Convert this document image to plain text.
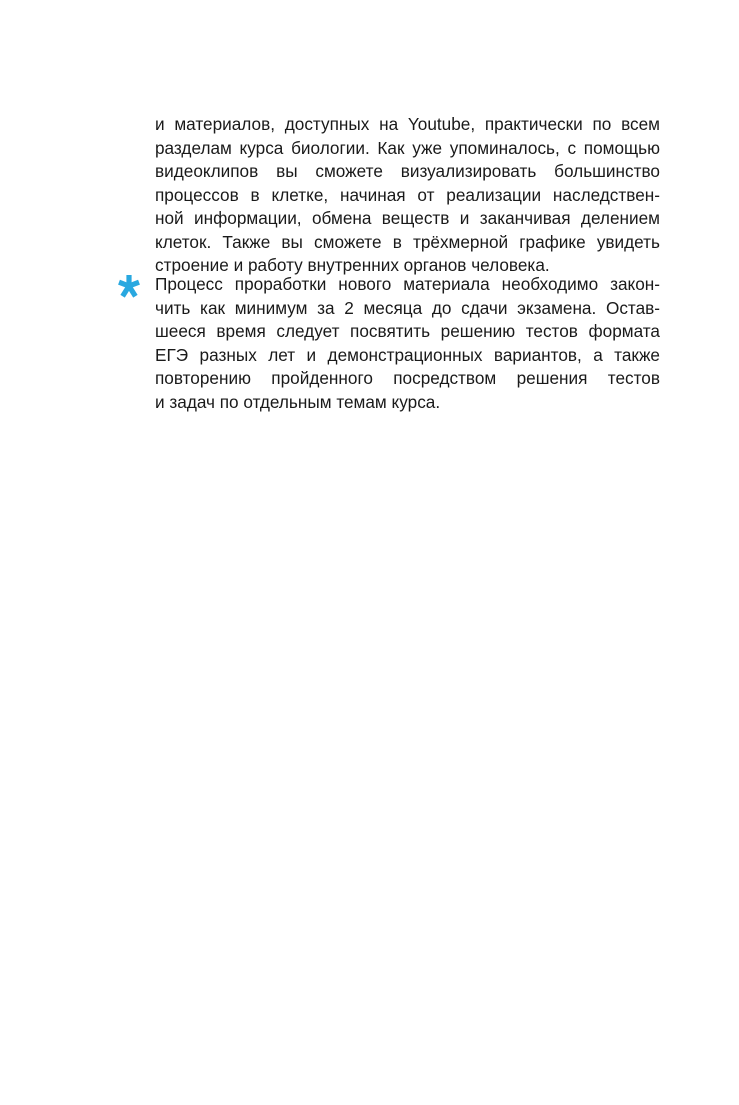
и материалов, доступных на Youtube, практически по всем
разделам курса биологии. Как уже упоминалось, с помощью
видеоклипов вы сможете визуализировать большинство
процессов в клетке, начиная от реализации наследствен-
ной информации, обмена веществ и заканчивая делением
клеток. Также вы сможете в трёхмерной графике увидеть
строение и работу внутренних органов человека.
Процесс проработки нового материала необходимо закон-
чить как минимум за 2 месяца до сдачи экзамена. Остав-
шееся время следует посвятить решению тестов формата
ЕГЭ разных лет и демонстрационных вариантов, а также
повторению пройденного посредством решения тестов
и задач по отдельным темам курса.
